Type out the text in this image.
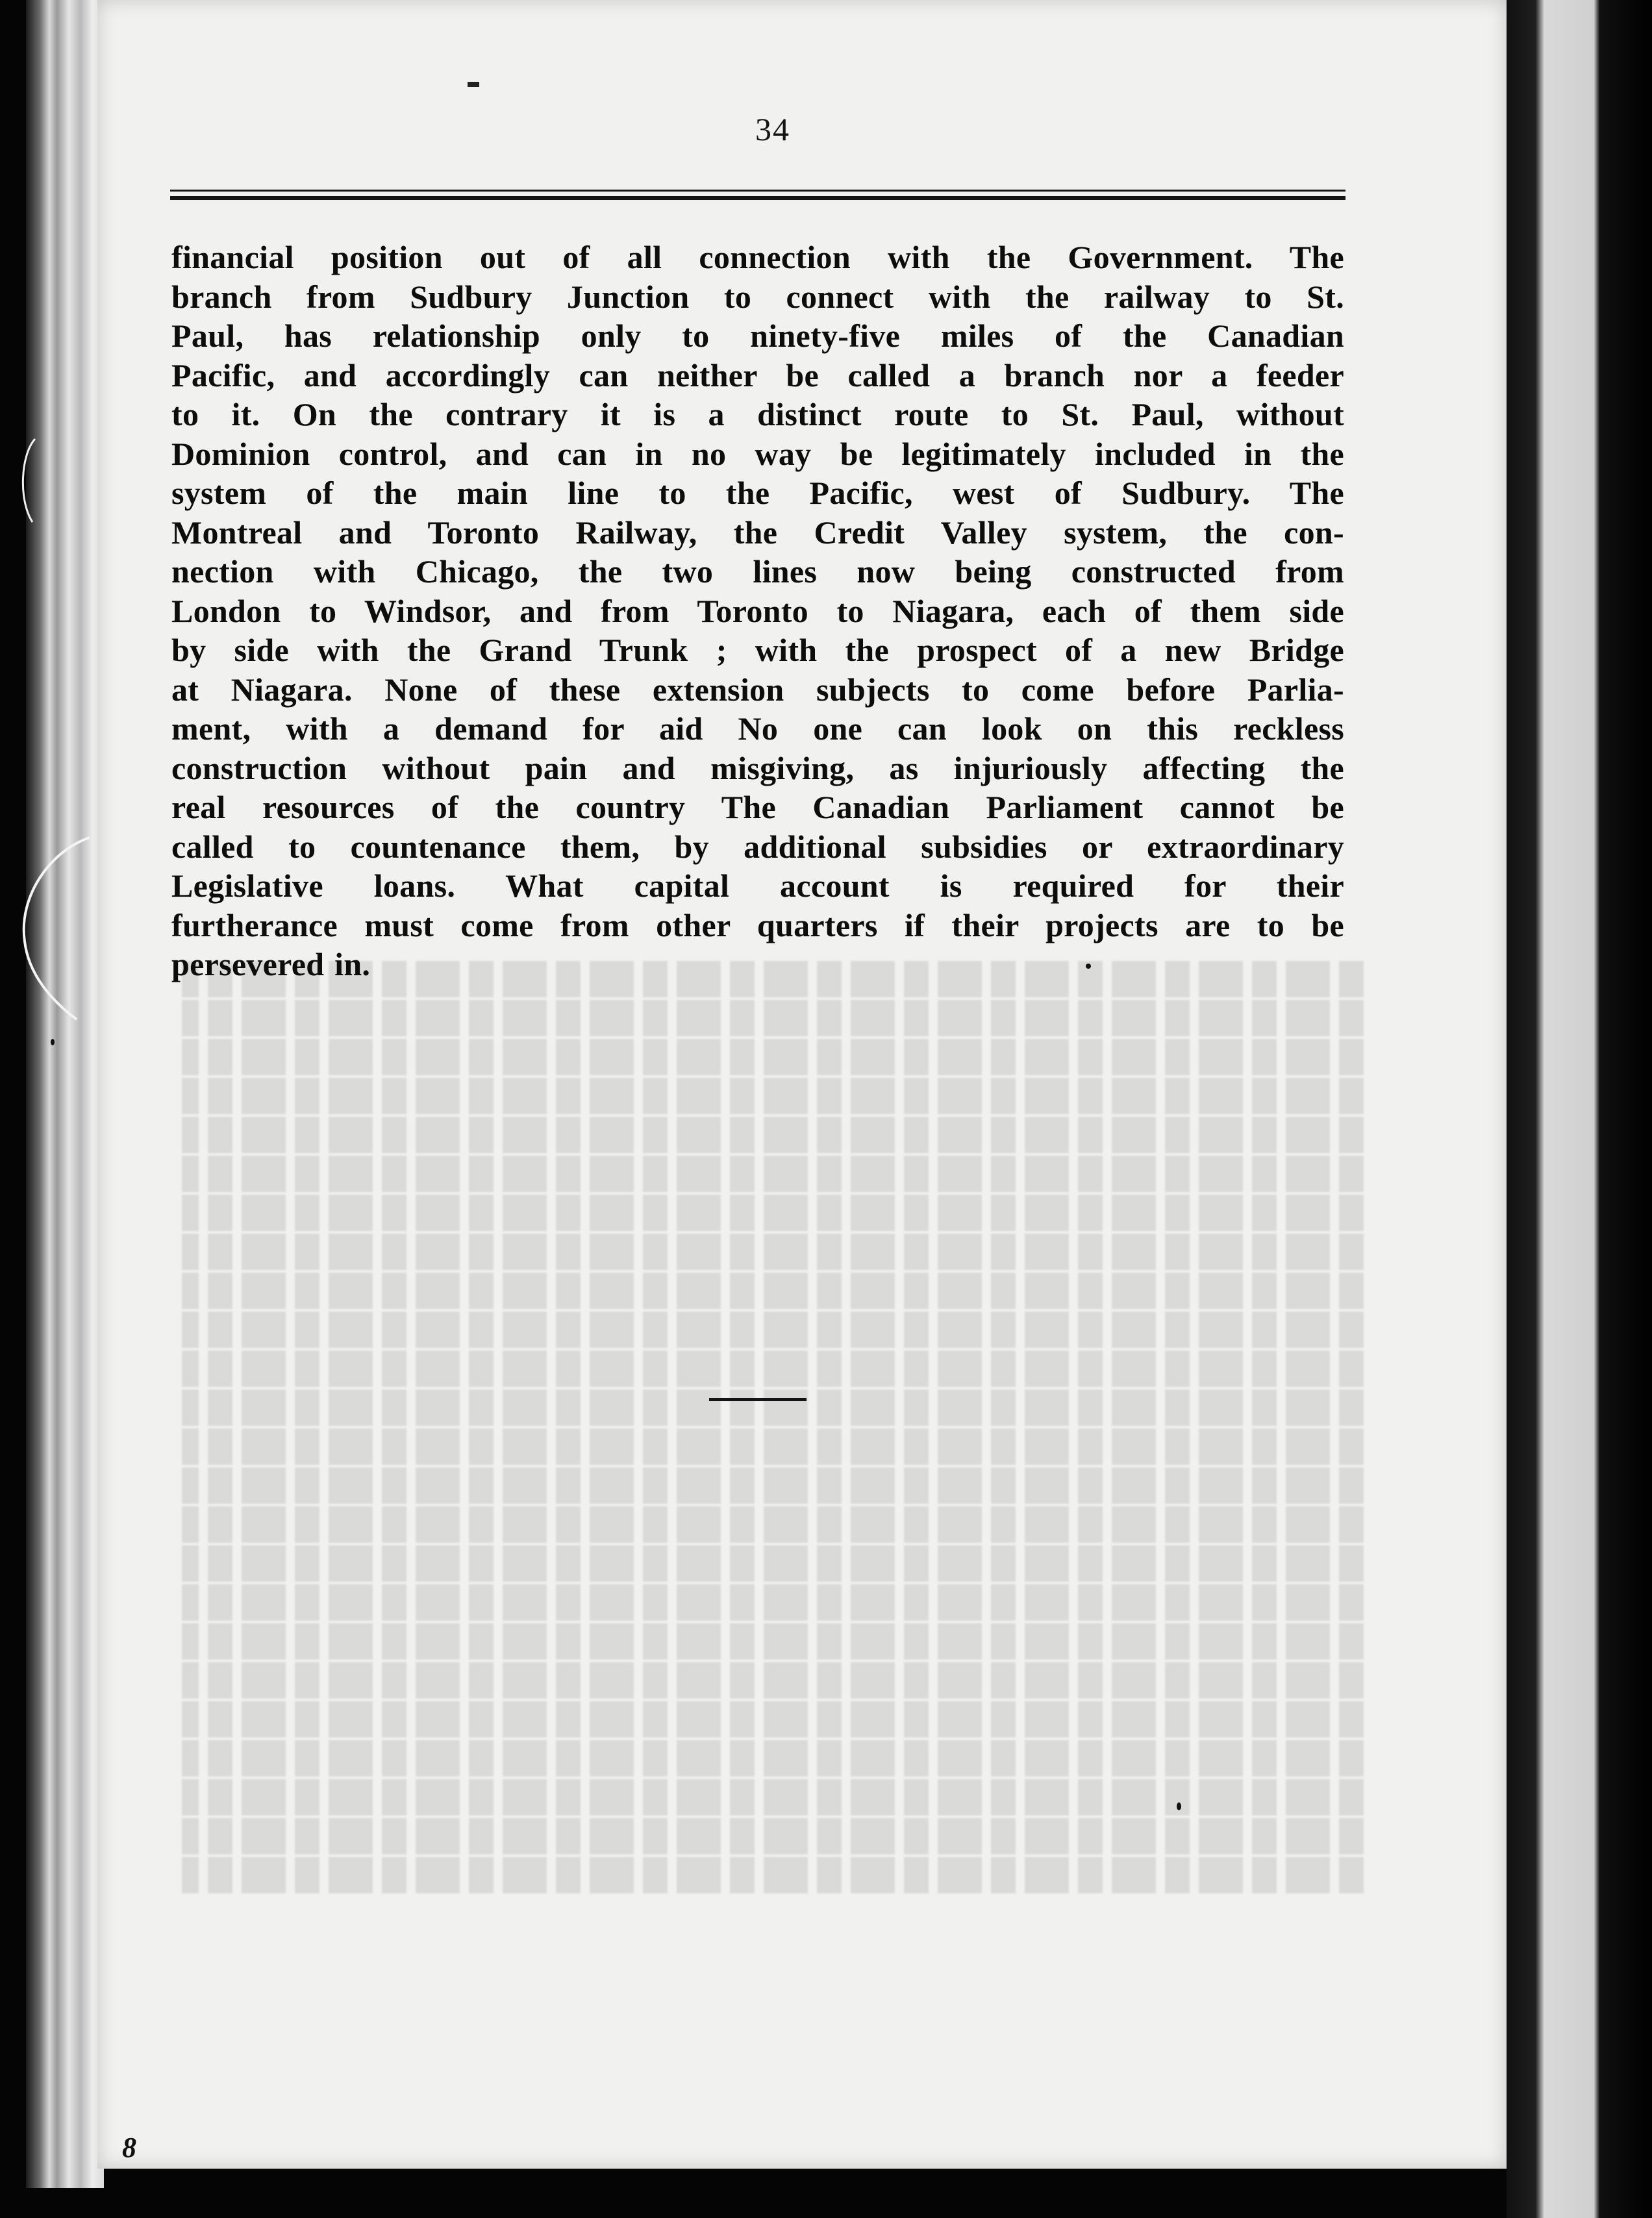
34
financial position out of all connection with the Government. The
branch from Sudbury Junction to connect with the railway to St.
Paul, has relationship only to ninety-five miles of the Canadian
Pacific, and accordingly can neither be called a branch nor a feeder
to it. On the contrary it is a distinct route to St. Paul, without
Dominion control, and can in no way be legitimately included in the
system of the main line to the Pacific, west of Sudbury. The
Montreal and Toronto Railway, the Credit Valley system, the con-
nection with Chicago, the two lines now being constructed from
London to Windsor, and from Toronto to Niagara, each of them side
by side with the Grand Trunk ; with the prospect of a new Bridge
at Niagara. None of these extension subjects to come before Parlia-
ment, with a demand for aid No one can look on this reckless
construction without pain and misgiving, as injuriously affecting the
real resources of the country The Canadian Parliament cannot be
called to countenance them, by additional subsidies or extraordinary
Legislative loans. What capital account is required for their
furtherance must come from other quarters if their projects are to be
persevered in.
8
